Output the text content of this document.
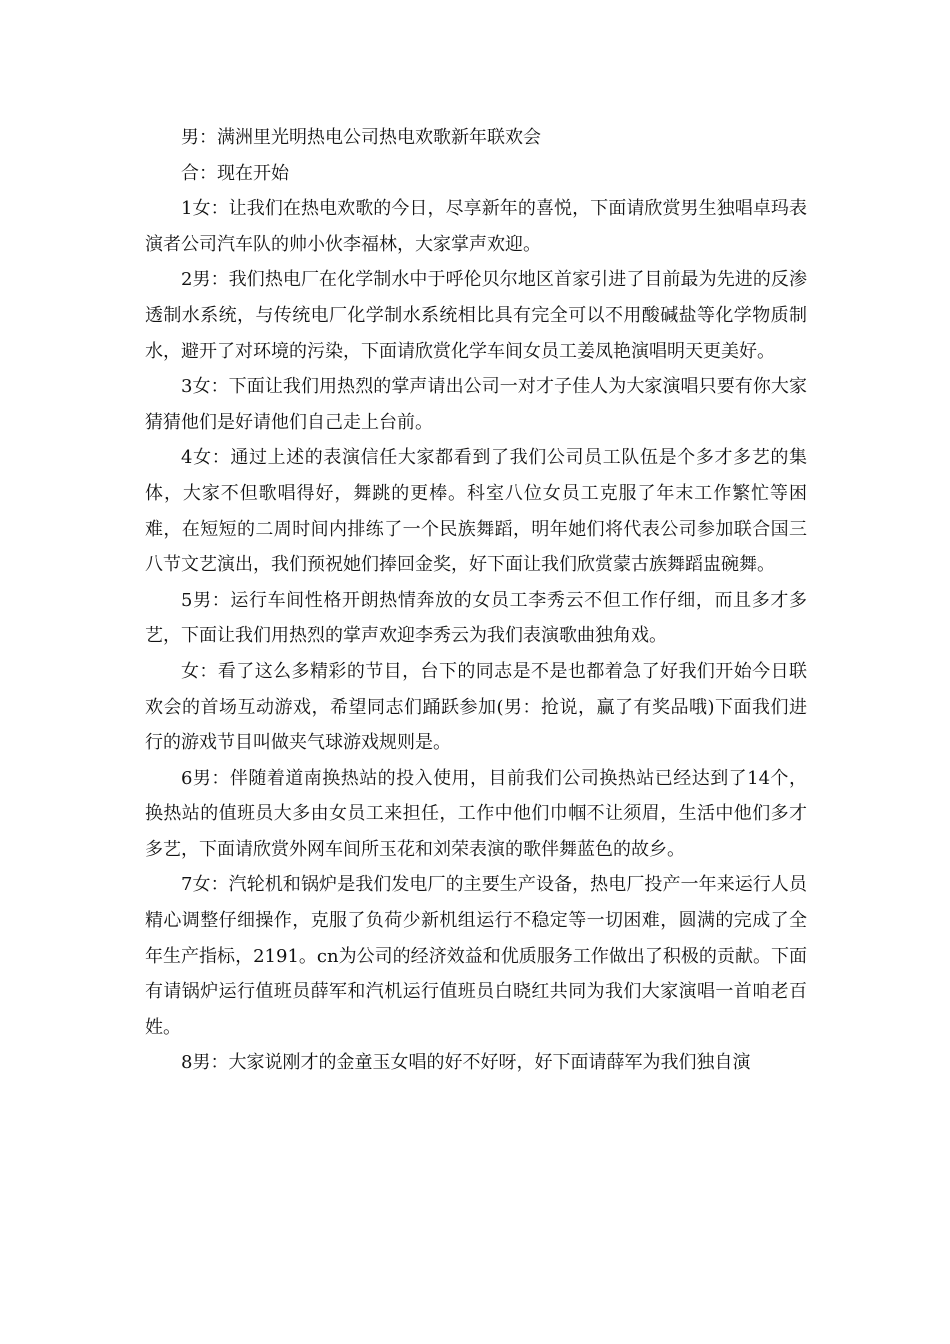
男：满洲里光明热电公司热电欢歌新年联欢会

合：现在开始

1女：让我们在热电欢歌的今日，尽享新年的喜悦，下面请欣赏男生独唱卓玛表演者公司汽车队的帅小伙李福林，大家掌声欢迎。

2男：我们热电厂在化学制水中于呼伦贝尔地区首家引进了目前最为先进的反渗透制水系统，与传统电厂化学制水系统相比具有完全可以不用酸碱盐等化学物质制水，避开了对环境的污染，下面请欣赏化学车间女员工姜凤艳演唱明天更美好。

3女：下面让我们用热烈的掌声请出公司一对才子佳人为大家演唱只要有你大家猜猜他们是好请他们自己走上台前。

4女：通过上述的表演信任大家都看到了我们公司员工队伍是个多才多艺的集体，大家不但歌唱得好，舞跳的更棒。科室八位女员工克服了年末工作繁忙等困难，在短短的二周时间内排练了一个民族舞蹈，明年她们将代表公司参加联合国三八节文艺演出，我们预祝她们捧回金奖，好下面让我们欣赏蒙古族舞蹈盅碗舞。

5男：运行车间性格开朗热情奔放的女员工李秀云不但工作仔细，而且多才多艺，下面让我们用热烈的掌声欢迎李秀云为我们表演歌曲独角戏。

女：看了这么多精彩的节目，台下的同志是不是也都着急了好我们开始今日联欢会的首场互动游戏，希望同志们踊跃参加(男：抢说，赢了有奖品哦)下面我们进行的游戏节目叫做夹气球游戏规则是。

6男：伴随着道南换热站的投入使用，目前我们公司换热站已经达到了14个，换热站的值班员大多由女员工来担任，工作中他们巾帼不让须眉，生活中他们多才多艺，下面请欣赏外网车间所玉花和刘荣表演的歌伴舞蓝色的故乡。

7女：汽轮机和锅炉是我们发电厂的主要生产设备，热电厂投产一年来运行人员精心调整仔细操作，克服了负荷少新机组运行不稳定等一切困难，圆满的完成了全年生产指标，2191。cn为公司的经济效益和优质服务工作做出了积极的贡献。下面有请锅炉运行值班员薛军和汽机运行值班员白晓红共同为我们大家演唱一首咱老百姓。

8男：大家说刚才的金童玉女唱的好不好呀，好下面请薛军为我们独自演
